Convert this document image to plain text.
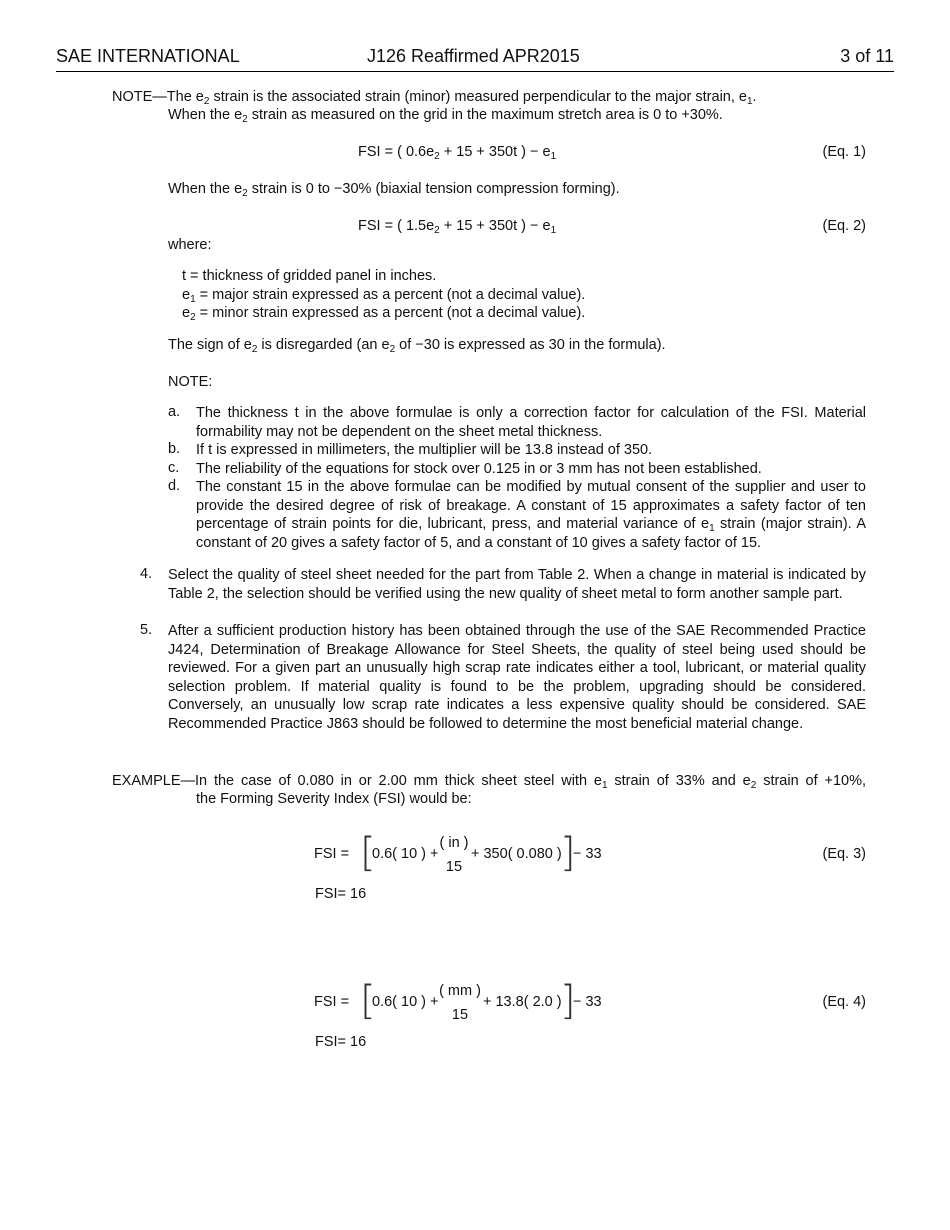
SAE INTERNATIONAL	J126 Reaffirmed APR2015	3 of 11
NOTE—The $e_2$ strain is the associated strain (minor) measured perpendicular to the major strain, $e_1$.
When the $e_2$ strain as measured on the grid in the maximum stretch area is 0 to +30%.
FSI = ( $0.6e_2 + 15 + 350t$ ) − $e_1$	(Eq. 1)
When the $e_2$ strain is 0 to −30% (biaxial tension compression forming).
FSI = ( $1.5e_2 + 15 + 350t$ ) − $e_1$	(Eq. 2)
where:
t = thickness of gridded panel in inches.
$e_1$ = major strain expressed as a percent (not a decimal value).
$e_2$ = minor strain expressed as a percent (not a decimal value).
The sign of $e_2$ is disregarded (an $e_2$ of −30 is expressed as 30 in the formula).
NOTE:
a. The thickness t in the above formulae is only a correction factor for calculation of the FSI. Material formability may not be dependent on the sheet metal thickness.
b. If t is expressed in millimeters, the multiplier will be 13.8 instead of 350.
c. The reliability of the equations for stock over 0.125 in or 3 mm has not been established.
d. The constant 15 in the above formulae can be modified by mutual consent of the supplier and user to provide the desired degree of risk of breakage. A constant of 15 approximates a safety factor of ten percentage of strain points for die, lubricant, press, and material variance of $e_1$ strain (major strain). A constant of 20 gives a safety factor of 5, and a constant of 10 gives a safety factor of 15.
4. Select the quality of steel sheet needed for the part from Table 2. When a change in material is indicated by Table 2, the selection should be verified using the new quality of sheet metal to form another sample part.
5. After a sufficient production history has been obtained through the use of the SAE Recommended Practice J424, Determination of Breakage Allowance for Steel Sheets, the quality of steel being used should be reviewed. For a given part an unusually high scrap rate indicates either a tool, lubricant, or material quality selection problem. If material quality is found to be the problem, upgrading should be considered. Conversely, an unusually low scrap rate indicates a less expensive quality should be considered. SAE Recommended Practice J863 should be followed to determine the most beneficial material change.
EXAMPLE—In the case of 0.080 in or 2.00 mm thick sheet steel with $e_1$ strain of 33% and $e_2$ strain of +10%,
the Forming Severity Index (FSI) would be:
FSI = [
0.6( 10 ) +
( in )
15
+ 350( 0.080 )
]
− 33	(Eq. 3)
FSI= 16
FSI = [
0.6( 10 ) +
( mm )
15
+ 13.8( 2.0 )
]
− 33	(Eq. 4)
FSI= 16
